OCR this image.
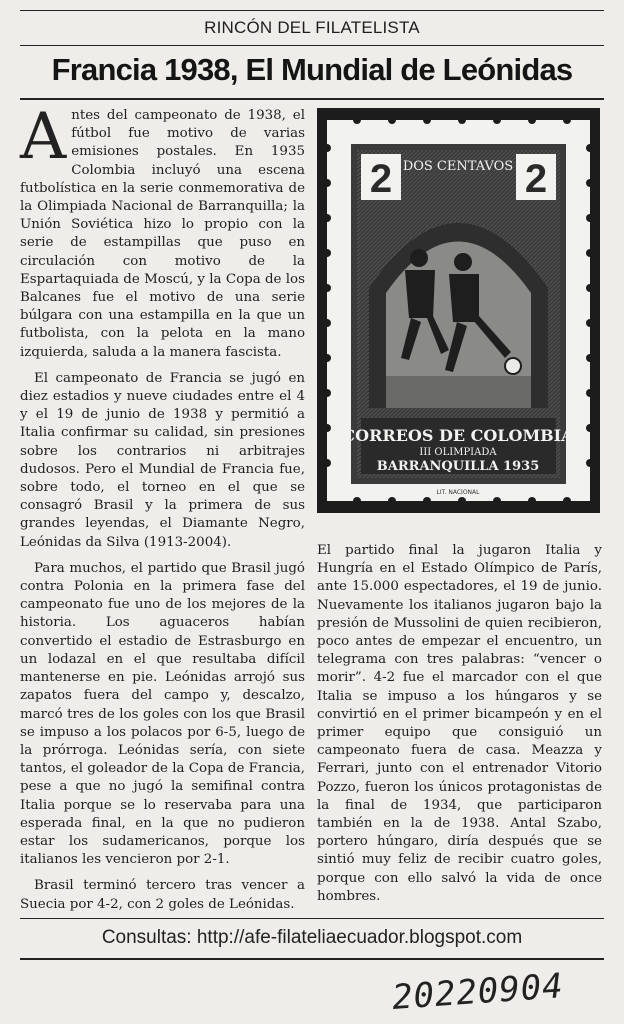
RINCÓN DEL FILATELISTA
Francia 1938, El Mundial de Leónidas

Antes del campeonato de 1938, el fútbol fue motivo de varias emisiones postales. En 1935 Colombia incluyó una escena futbolística en la serie conmemorativa de la Olimpiada Nacional de Barranquilla; la Unión Soviética hizo lo propio con la serie de estampillas que puso en circulación con motivo de la Espartaquiada de Moscú, y la Copa de los Balcanes fue el motivo de una serie búlgara con una estampilla en la que un futbolista, con la pelota en la mano izquierda, saluda a la manera fascista.

El campeonato de Francia se jugó en diez estadios y nueve ciudades entre el 4 y el 19 de junio de 1938 y permitió a Italia confirmar su calidad, sin presiones sobre los contrarios ni arbitrajes dudosos. Pero el Mundial de Francia fue, sobre todo, el torneo en el que se consagró Brasil y la primera de sus grandes leyendas, el Diamante Negro, Leónidas da Silva (1913-2004).

Para muchos, el partido que Brasil jugó contra Polonia en la primera fase del campeonato fue uno de los mejores de la historia. Los aguaceros habían convertido el estadio de Estrasburgo en un lodazal en el que resultaba difícil mantenerse en pie. Leónidas arrojó sus zapatos fuera del campo y, descalzo, marcó tres de los goles con los que Brasil se impuso a los polacos por 6-5, luego de la prórroga. Leónidas sería, con siete tantos, el goleador de la Copa de Francia, pese a que no jugó la semifinal contra Italia porque se lo reservaba para una esperada final, en la que no pudieron estar los sudamericanos, porque los italianos les vencieron por 2-1.

Brasil terminó tercero tras vencer a Suecia por 4-2, con 2 goles de Leónidas.

2	2
DOS CENTAVOS
CORREOS DE COLOMBIA
III OLIMPIADA
BARRANQUILLA 1935
LIT. NACIONAL

El partido final la jugaron Italia y Hungría en el Estado Olímpico de París, ante 15.000 espectadores, el 19 de junio. Nuevamente los italianos jugaron bajo la presión de Mussolini de quien recibieron, poco antes de empezar el encuentro, un telegrama con tres palabras: “vencer o morir”. 4-2 fue el marcador con el que Italia se impuso a los húngaros y se convirtió en el primer bicampeón y en el primer equipo que consiguió un campeonato fuera de casa. Meazza y Ferrari, junto con el entrenador Vitorio Pozzo, fueron los únicos protagonistas de la final de 1934, que participaron también en la de 1938. Antal Szabo, portero húngaro, diría después que se sintió muy feliz de recibir cuatro goles, porque con ello salvó la vida de once hombres.

Consultas: http://afe-filateliaecuador.blogspot.com
20220904
